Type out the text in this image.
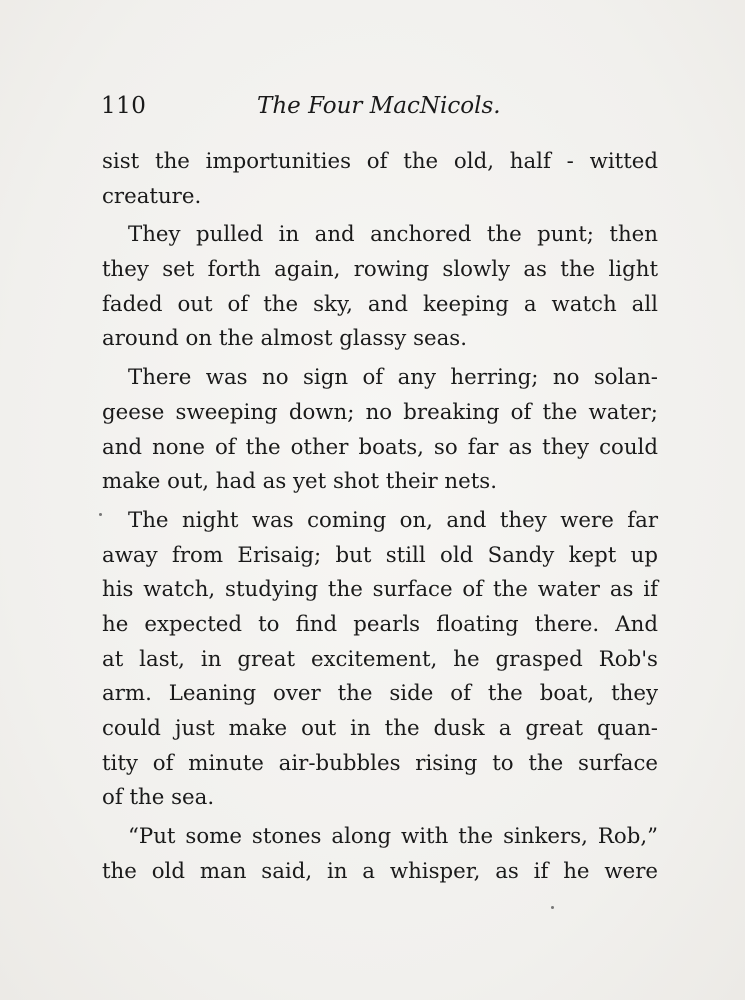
110	The Four MacNicols.
sist the importunities of the old, half - witted
creature.
They pulled in and anchored the punt; then
they set forth again, rowing slowly as the light
faded out of the sky, and keeping a watch all
around on the almost glassy seas.
There was no sign of any herring; no solan-
geese sweeping down; no breaking of the water;
and none of the other boats, so far as they could
make out, had as yet shot their nets.
The night was coming on, and they were far
away from Erisaig; but still old Sandy kept up
his watch, studying the surface of the water as if
he expected to find pearls floating there. And
at last, in great excitement, he grasped Rob's
arm. Leaning over the side of the boat, they
could just make out in the dusk a great quan-
tity of minute air-bubbles rising to the surface
of the sea.
“Put some stones along with the sinkers, Rob,”
the old man said, in a whisper, as if he were
